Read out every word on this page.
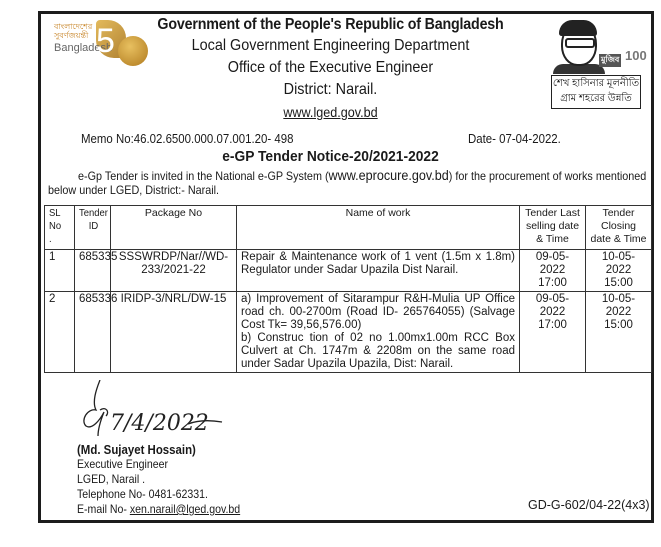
বাংলাদেশের
সুবর্ণজয়ন্তী
Bangladesh
5	মুজিব 100
শেখ হাসিনার মূলনীতি
গ্রাম শহরের উন্নতি
Government of the People's Republic of Bangladesh
Local Government Engineering Department
Office of the Executive Engineer
District: Narail.
www.lged.gov.bd
Memo No:46.02.6500.000.07.001.20- 498	Date- 07-04-2022.
e-GP Tender Notice-20/2021-2022
e-Gp Tender is invited in the National e-GP System (www.eprocure.gov.bd) for the procurement of works mentioned
below under LGED, District:- Narail.
SL
No
.	Tender
ID	Package No	Name of work	Tender Last selling date & Time	Tender Closing date & Time
1	685335	SSSWRDP/Nar//WD-233/2021-22	Repair & Maintenance work of 1 vent (1.5m x 1.8m) Regulator under Sadar Upazila Dist Narail.	09-05-2022 17:00	10-05-2022 15:00
2	685336	IRIDP-3/NRL/DW-15	a) Improvement of Sitarampur R&H-Mulia UP Office road ch. 00-2700m (Road ID- 265764055) (Salvage Cost Tk= 39,56,576.00)
b) Construc tion of 02 no 1.00mx1.00m RCC Box Culvert at Ch. 1747m & 2208m on the same road under Sadar Upazila Upazila, Dist: Narail.	09-05-2022 17:00	10-05-2022 15:00
7/4/2022
(Md. Sujayet Hossain)
Executive Engineer
LGED, Narail .
Telephone No- 0481-62331.
E-mail No- xen.narail@lged.gov.bd	GD-G-602/04-22(4x3)
